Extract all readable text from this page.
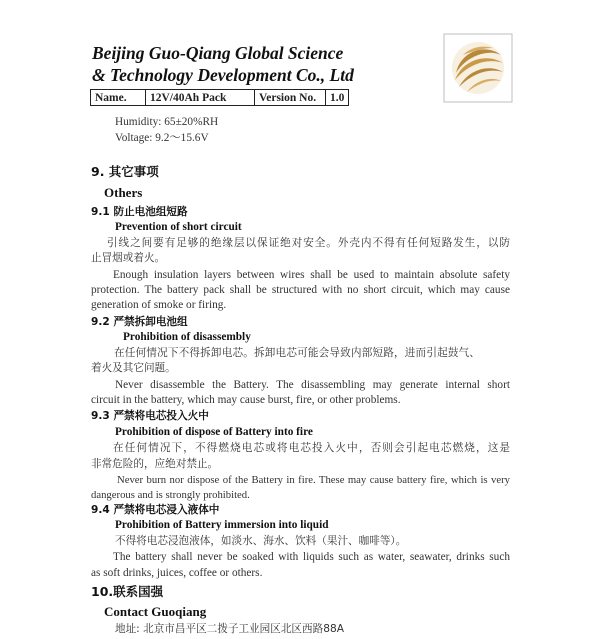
Beijing Guo-Qiang Global Science
& Technology Development Co., Ltd
Name.	12V/40Ah Pack	Version No.	1.0
Humidity: 65±20%RH
Voltage: 9.2～15.6V
9. 其它事项
Others
9.1 防止电池组短路
Prevention of short circuit
引线之间要有足够的绝缘层以保证绝对安全。外壳内不得有任何短路发生，以防
止冒烟或着火。
Enough insulation layers between wires shall be used to maintain absolute safety
protection. The battery pack shall be structured with no short circuit, which may cause
generation of smoke or firing.
9.2 严禁拆卸电池组
Prohibition of disassembly
在任何情况下不得拆卸电芯。拆卸电芯可能会导致内部短路，进而引起鼓气、
着火及其它问题。
Never disassemble the Battery. The disassembling may generate internal short
circuit in the battery, which may cause burst, fire, or other problems.
9.3 严禁将电芯投入火中
Prohibition of dispose of Battery into fire
在任何情况下，不得燃烧电芯或将电芯投入火中，否则会引起电芯燃烧，这是
非常危险的，应绝对禁止。
Never burn nor dispose of the Battery in fire. These may cause battery fire, which is very
dangerous and is strongly prohibited.
9.4 严禁将电芯浸入液体中
Prohibition of Battery immersion into liquid
不得将电芯浸泡液体，如淡水、海水、饮料（果汁、咖啡等）。
The battery shall never be soaked with liquids such as water, seawater, drinks such
as soft drinks, juices, coffee or others.
10.联系国强
Contact Guoqiang
地址: 北京市昌平区二拨子工业园区北区西路88A
